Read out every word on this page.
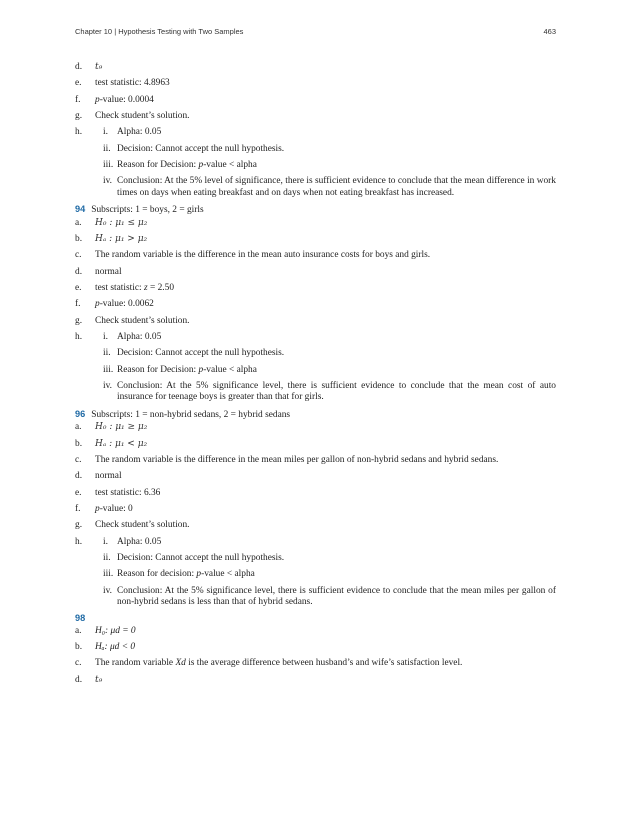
Chapter 10 | Hypothesis Testing with Two Samples	463
d.	t₉
e.	test statistic: 4.8963
f.	p-value: 0.0004
g.	Check student’s solution.
h.	i. Alpha: 0.05
ii. Decision: Cannot accept the null hypothesis.
iii. Reason for Decision: p-value < alpha
iv. Conclusion: At the 5% level of significance, there is sufficient evidence to conclude that the mean difference in work times on days when eating breakfast and on days when not eating breakfast has increased.
94 Subscripts: 1 = boys, 2 = girls
a.	H₀ : μ₁ ≤ μ₂
b.	Hₐ : μ₁ > μ₂
c.	The random variable is the difference in the mean auto insurance costs for boys and girls.
d.	normal
e.	test statistic: z = 2.50
f.	p-value: 0.0062
g.	Check student’s solution.
h.	i. Alpha: 0.05
ii. Decision: Cannot accept the null hypothesis.
iii. Reason for Decision: p-value < alpha
iv. Conclusion: At the 5% significance level, there is sufficient evidence to conclude that the mean cost of auto insurance for teenage boys is greater than that for girls.
96 Subscripts: 1 = non-hybrid sedans, 2 = hybrid sedans
a.	H₀ : μ₁ ≥ μ₂
b.	Hₐ : μ₁ < μ₂
c.	The random variable is the difference in the mean miles per gallon of non-hybrid sedans and hybrid sedans.
d.	normal
e.	test statistic: 6.36
f.	p-value: 0
g.	Check student’s solution.
h.	i. Alpha: 0.05
ii. Decision: Cannot accept the null hypothesis.
iii. Reason for decision: p-value < alpha
iv. Conclusion: At the 5% significance level, there is sufficient evidence to conclude that the mean miles per gallon of non-hybrid sedans is less than that of hybrid sedans.
98
a.	H₀: μd = 0
b.	Hₐ: μd < 0
c.	The random variable Xd is the average difference between husband’s and wife’s satisfaction level.
d.	t₉
